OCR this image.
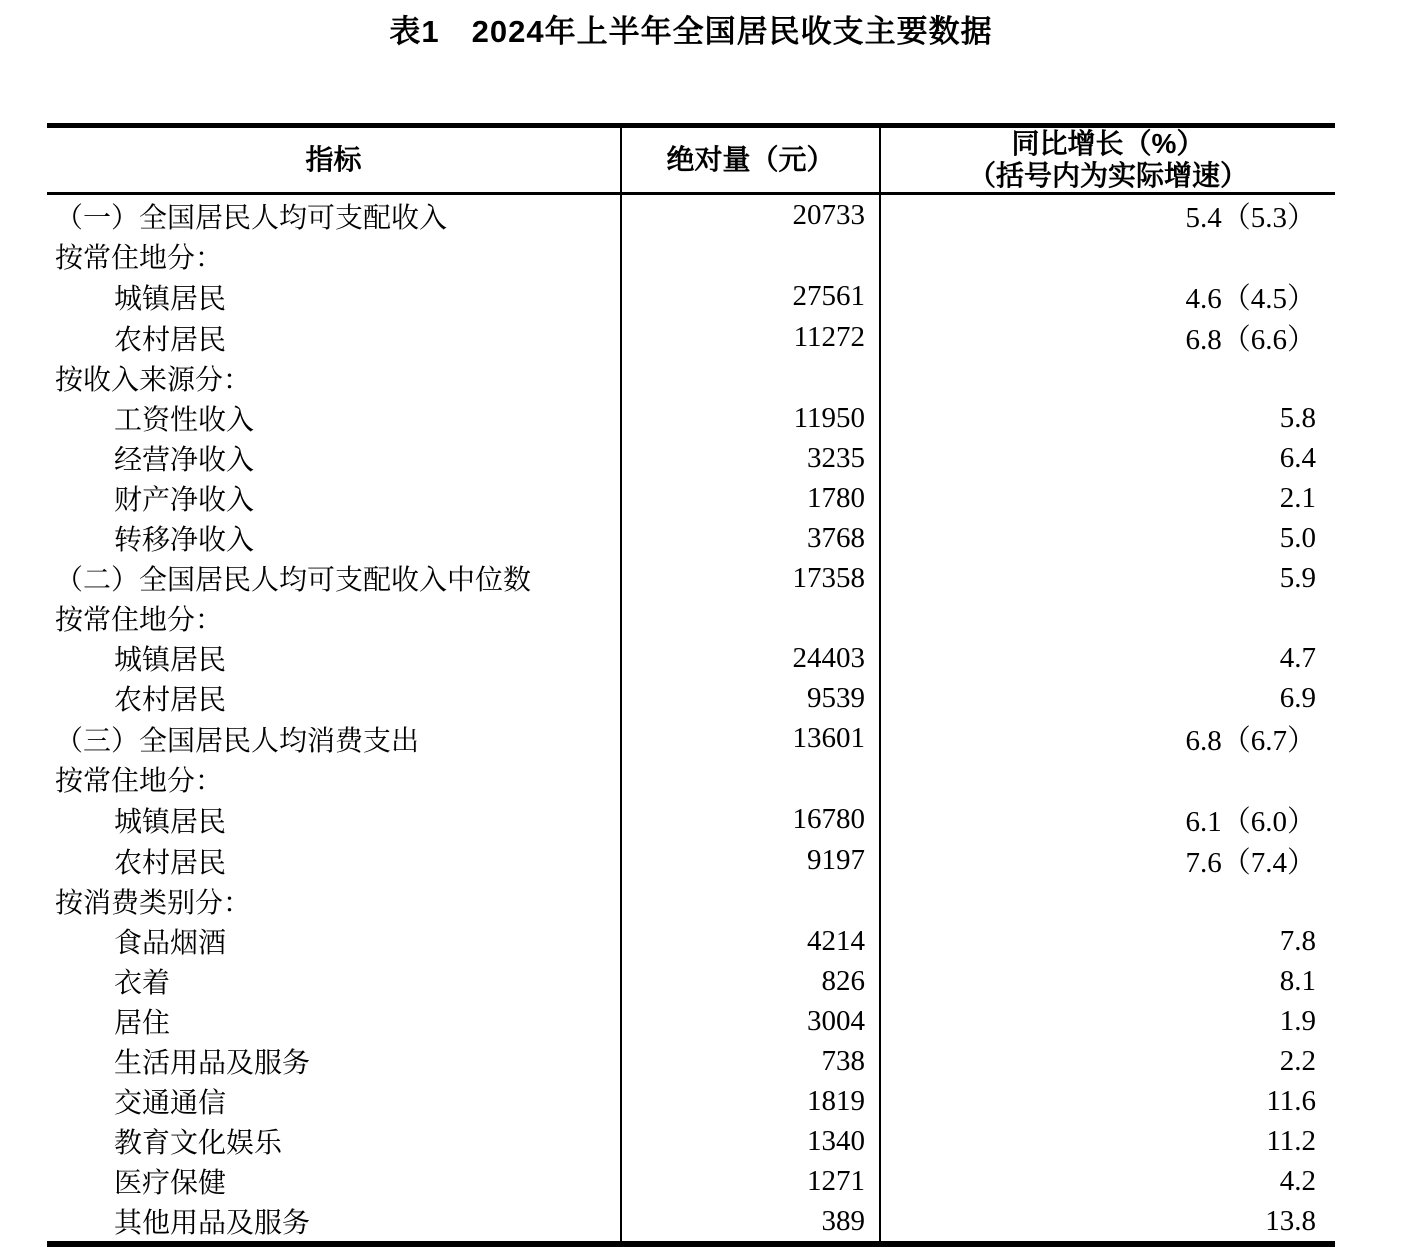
表1　2024年上半年全国居民收支主要数据
指标	绝对量（元）	同比增长（%）
（括号内为实际增速）

（一）全国居民人均可支配收入	20733	5.4（5.3）
按常住地分：		
城镇居民	27561	4.6（4.5）
农村居民	11272	6.8（6.6）
按收入来源分：		
工资性收入	11950	5.8
经营净收入	3235	6.4
财产净收入	1780	2.1
转移净收入	3768	5.0
（二）全国居民人均可支配收入中位数	17358	5.9
按常住地分：		
城镇居民	24403	4.7
农村居民	9539	6.9
（三）全国居民人均消费支出	13601	6.8（6.7）
按常住地分：		
城镇居民	16780	6.1（6.0）
农村居民	9197	7.6（7.4）
按消费类别分：		
食品烟酒	4214	7.8
衣着	826	8.1
居住	3004	1.9
生活用品及服务	738	2.2
交通通信	1819	11.6
教育文化娱乐	1340	11.2
医疗保健	1271	4.2
其他用品及服务	389	13.8
